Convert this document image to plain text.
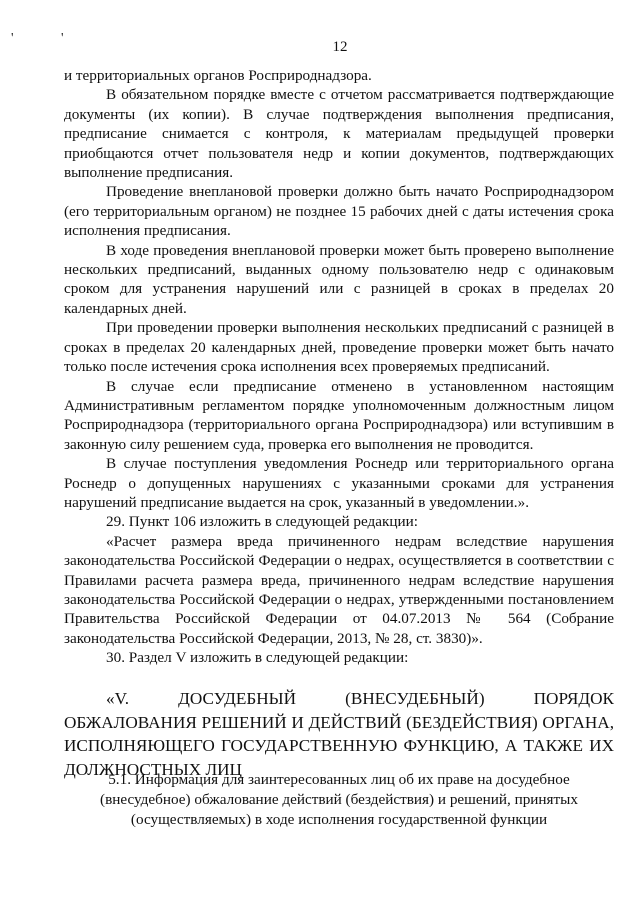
' '
12

и территориальных органов Росприроднадзора.

В обязательном порядке вместе с отчетом рассматривается подтверждающие документы (их копии). В случае подтверждения выполнения предписания, предписание снимается с контроля, к материалам предыдущей проверки приобщаются отчет пользователя недр и копии документов, подтверждающих выполнение предписания.

Проведение внеплановой проверки должно быть начато Росприроднадзором (его территориальным органом) не позднее 15 рабочих дней с даты истечения срока исполнения предписания.

В ходе проведения внеплановой проверки может быть проверено выполнение нескольких предписаний, выданных одному пользователю недр с одинаковым сроком для устранения нарушений или с разницей в сроках в пределах 20 календарных дней.

При проведении проверки выполнения нескольких предписаний с разницей в сроках в пределах 20 календарных дней, проведение проверки может быть начато только после истечения срока исполнения всех проверяемых предписаний.

В случае если предписание отменено в установленном настоящим Административным регламентом порядке уполномоченным должностным лицом Росприроднадзора (территориального органа Росприроднадзора) или вступившим в законную силу решением суда, проверка его выполнения не проводится.

В случае поступления уведомления Роснедр или территориального органа Роснедр о допущенных нарушениях с указанными сроками для устранения нарушений предписание выдается на срок, указанный в уведомлении.».

29. Пункт 106 изложить в следующей редакции:

«Расчет размера вреда причиненного недрам вследствие нарушения законодательства Российской Федерации о недрах, осуществляется в соответствии с Правилами расчета размера вреда, причиненного недрам вследствие нарушения законодательства Российской Федерации о недрах, утвержденными постановлением Правительства Российской Федерации от 04.07.2013 № 564 (Собрание законодательства Российской Федерации, 2013, № 28, ст. 3830)».

30. Раздел V изложить в следующей редакции:

«V. ДОСУДЕБНЫЙ (ВНЕСУДЕБНЫЙ) ПОРЯДОК ОБЖАЛОВАНИЯ РЕШЕНИЙ И ДЕЙСТВИЙ (БЕЗДЕЙСТВИЯ) ОРГАНА, ИСПОЛНЯЮЩЕГО ГОСУДАРСТВЕННУЮ ФУНКЦИЮ, А ТАКЖЕ ИХ ДОЛЖНОСТНЫХ ЛИЦ
5.1. Информация для заинтересованных лиц об их праве на досудебное (внесудебное) обжалование действий (бездействия) и решений, принятых (осуществляемых) в ходе исполнения государственной функции
